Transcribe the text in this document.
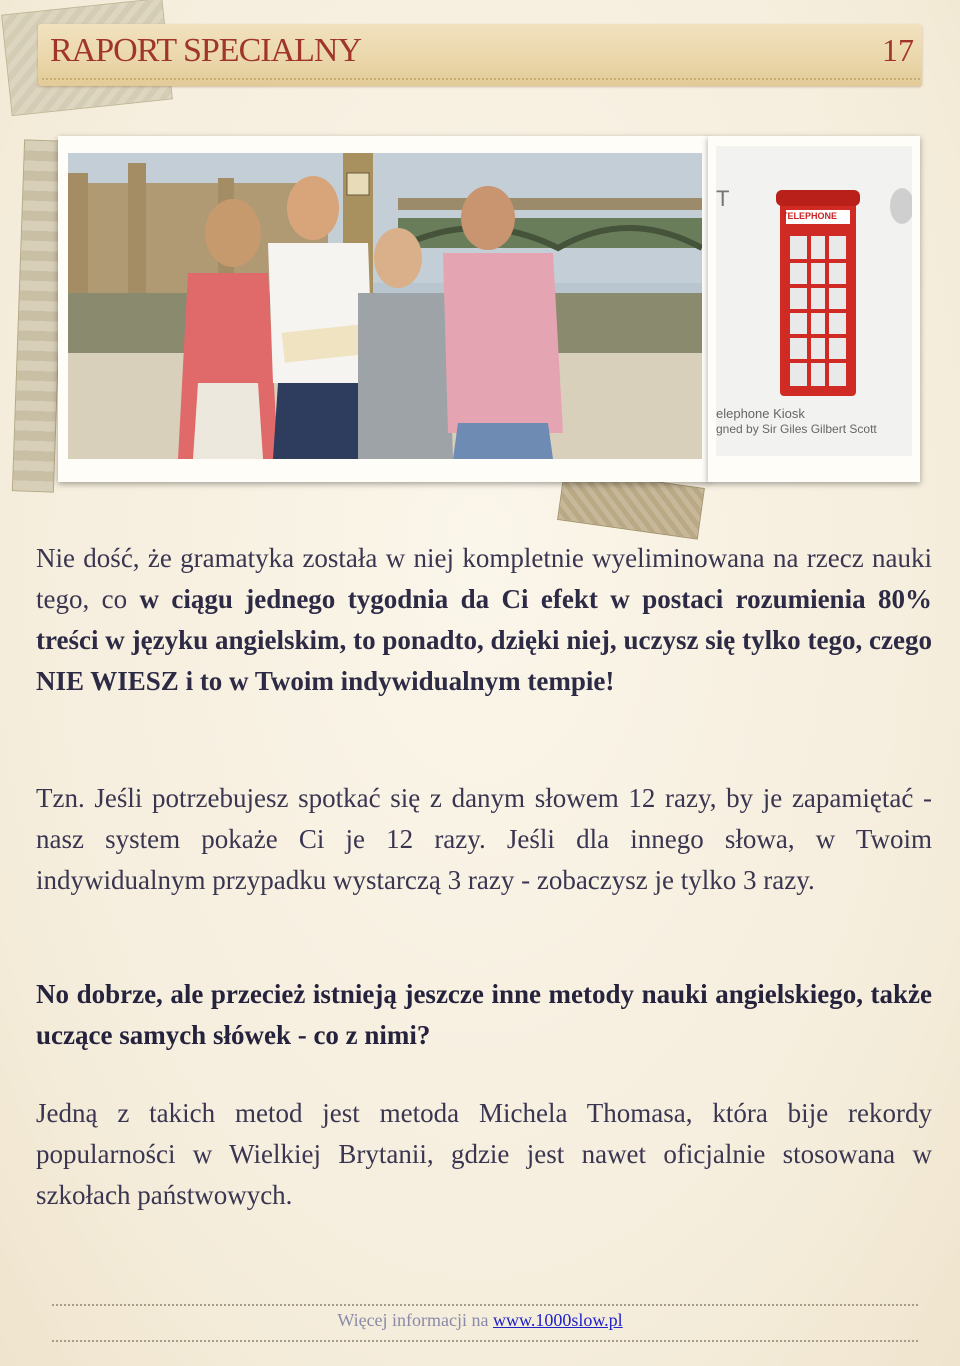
RAPORT SPECIALNY	17
T
TELEPHONE
elephone Kiosk
gned by Sir Giles Gilbert Scott
Nie dość, że gramatyka została w niej kompletnie wyeliminowana na rzecz nauki tego, co w ciągu jednego tygodnia da Ci efekt w postaci rozumienia 80% treści w języku angielskim, to ponadto, dzięki niej, uczysz się tylko tego, czego NIE WIESZ i to w Twoim indywidualnym tempie!
Tzn. Jeśli potrzebujesz spotkać się z danym słowem 12 razy, by je zapamiętać - nasz system pokaże Ci je 12 razy. Jeśli dla innego słowa, w Twoim indywidualnym przypadku wystarczą 3 razy - zobaczysz je tylko 3 razy.
No dobrze, ale przecież istnieją jeszcze inne metody nauki angielskiego, także uczące samych słówek - co z nimi?
Jedną z takich metod jest metoda Michela Thomasa, która bije rekordy popularności w Wielkiej Brytanii, gdzie jest nawet oficjalnie stosowana w szkołach państwowych.
Więcej informacji na www.1000slow.pl
